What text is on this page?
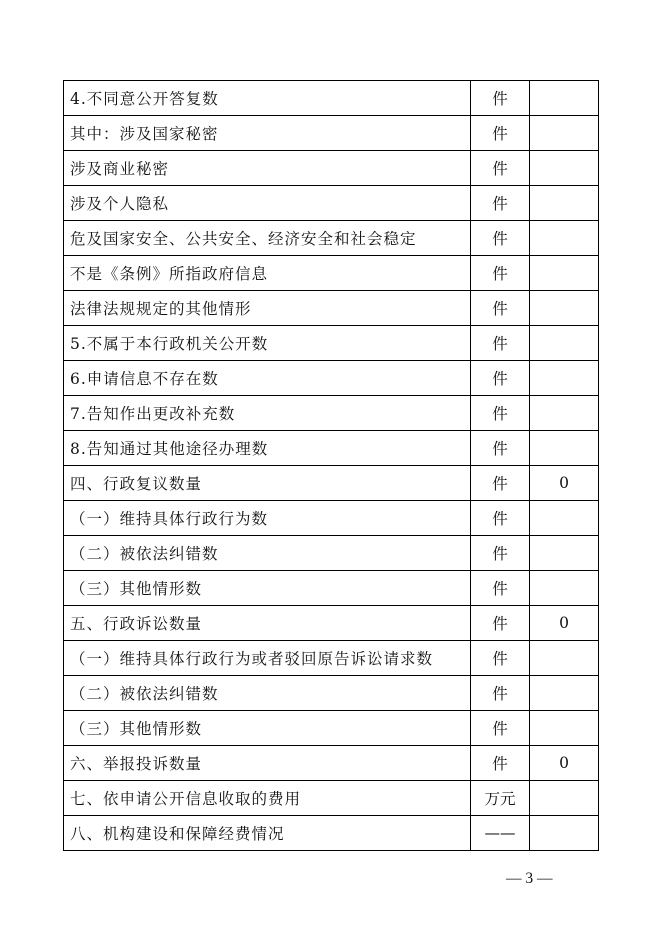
4.不同意公开答复数	件	
其中：涉及国家秘密	件	
涉及商业秘密	件	
涉及个人隐私	件	
危及国家安全、公共安全、经济安全和社会稳定	件	
不是《条例》所指政府信息	件	
法律法规规定的其他情形	件	
5.不属于本行政机关公开数	件	
6.申请信息不存在数	件	
7.告知作出更改补充数	件	
8.告知通过其他途径办理数	件	
四、行政复议数量	件	0
（一）维持具体行政行为数	件	
（二）被依法纠错数	件	
（三）其他情形数	件	
五、行政诉讼数量	件	0
（一）维持具体行政行为或者驳回原告诉讼请求数	件	
（二）被依法纠错数	件	
（三）其他情形数	件	
六、举报投诉数量	件	0
七、依申请公开信息收取的费用	万元	
八、机构建设和保障经费情况	——	
— 3 —
